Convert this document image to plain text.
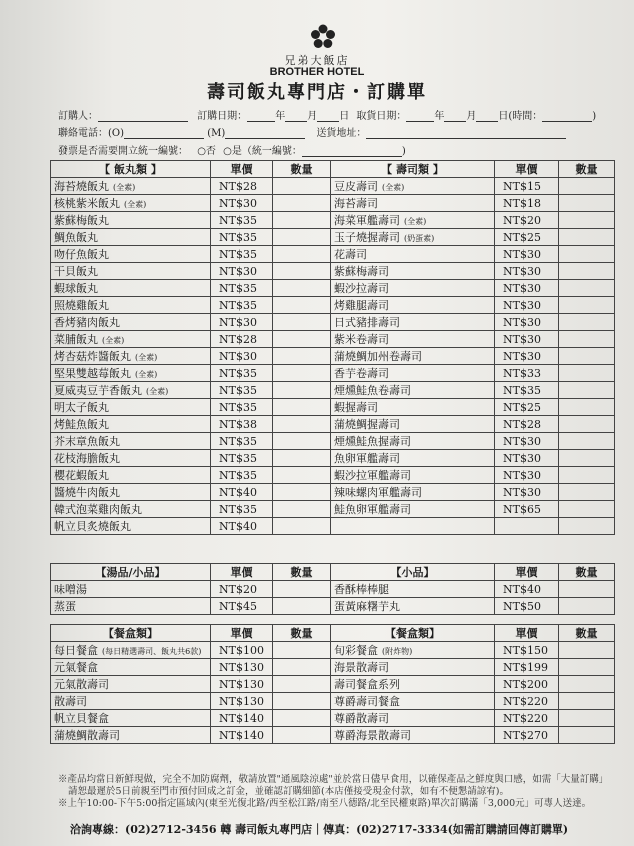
兄弟大飯店
BROTHER HOTEL
壽司飯丸專門店・訂購單
訂購人：	訂購日期：	年 月 日 取貨日期：	年 月 日(時間：	)
聯絡電話：(O)	(M)	送貨地址：
發票是否需要開立統一編號： ○否 ○是（統一編號：	)
【 飯丸類 】	單價	數量	【 壽司類 】	單價	數量
海苔燒飯丸 (全素)	NT$28		豆皮壽司 (全素)	NT$15	
核桃紫米飯丸 (全素)	NT$30		海苔壽司	NT$18	
紫蘇梅飯丸	NT$35		海菜軍艦壽司 (全素)	NT$20	
鯛魚飯丸	NT$35		玉子燒握壽司 (奶蛋素)	NT$25	
吻仔魚飯丸	NT$35		花壽司	NT$30	
干貝飯丸	NT$30		紫蘇梅壽司	NT$30	
蝦球飯丸	NT$35		蝦沙拉壽司	NT$30	
照燒雞飯丸	NT$35		烤雞腿壽司	NT$30	
香烤豬肉飯丸	NT$30		日式豬排壽司	NT$30	
菜脯飯丸 (全素)	NT$28		紫米卷壽司	NT$30	
烤杏菇炸醬飯丸 (全素)	NT$30		蒲燒鯛加州卷壽司	NT$30	
堅果雙越莓飯丸 (全素)	NT$35		香芋卷壽司	NT$33	
夏威夷豆芋香飯丸 (全素)	NT$35		煙燻鮭魚卷壽司	NT$35	
明太子飯丸	NT$35		蝦握壽司	NT$25	
烤鮭魚飯丸	NT$38		蒲燒鯛握壽司	NT$28	
芥末章魚飯丸	NT$35		煙燻鮭魚握壽司	NT$30	
花枝海膽飯丸	NT$35		魚卵軍艦壽司	NT$30	
櫻花蝦飯丸	NT$35		蝦沙拉軍艦壽司	NT$30	
醬燒牛肉飯丸	NT$40		辣味螺肉軍艦壽司	NT$30	
韓式泡菜雞肉飯丸	NT$35		鮭魚卵軍艦壽司	NT$65	
帆立貝炙燒飯丸	NT$40				
【湯品/小品】	單價	數量	【小品】	單價	數量
味噌湯	NT$20		香酥棒棒腿	NT$40	
蒸蛋	NT$45		蛋黃麻糬芋丸	NT$50	
【餐盒類】	單價	數量	【餐盒類】	單價	數量
每日餐盒 (每日精選壽司、飯丸共6款)	NT$100		旬彩餐盒 (附炸物)	NT$150	
元氣餐盒	NT$130		海景散壽司	NT$199	
元氣散壽司	NT$130		壽司餐盒系列	NT$200	
散壽司	NT$130		尊爵壽司餐盒	NT$220	
帆立貝餐盒	NT$140		尊爵散壽司	NT$220	
蒲燒鯛散壽司	NT$140		尊爵海景散壽司	NT$270	
※產品均當日新鮮現做，完全不加防腐劑，敬請放置"通風陰涼處"並於當日儘早食用，以確保產品之鮮度與口感，如需「大量訂購」
請恕最遲於5日前親至門市預付回成之訂金，並確認訂購細節(本店僅接受現金付款，如有不便懇請諒宥)。
※上午10:00-下午5:00指定區域內(東至光復北路/西至松江路/南至八德路/北至民權東路)單次訂購滿「3,000元」可專人送達。
洽詢專線：(02)2712-3456 轉 壽司飯丸專門店｜傳真：(02)2717-3334(如需訂購請回傳訂購單)
